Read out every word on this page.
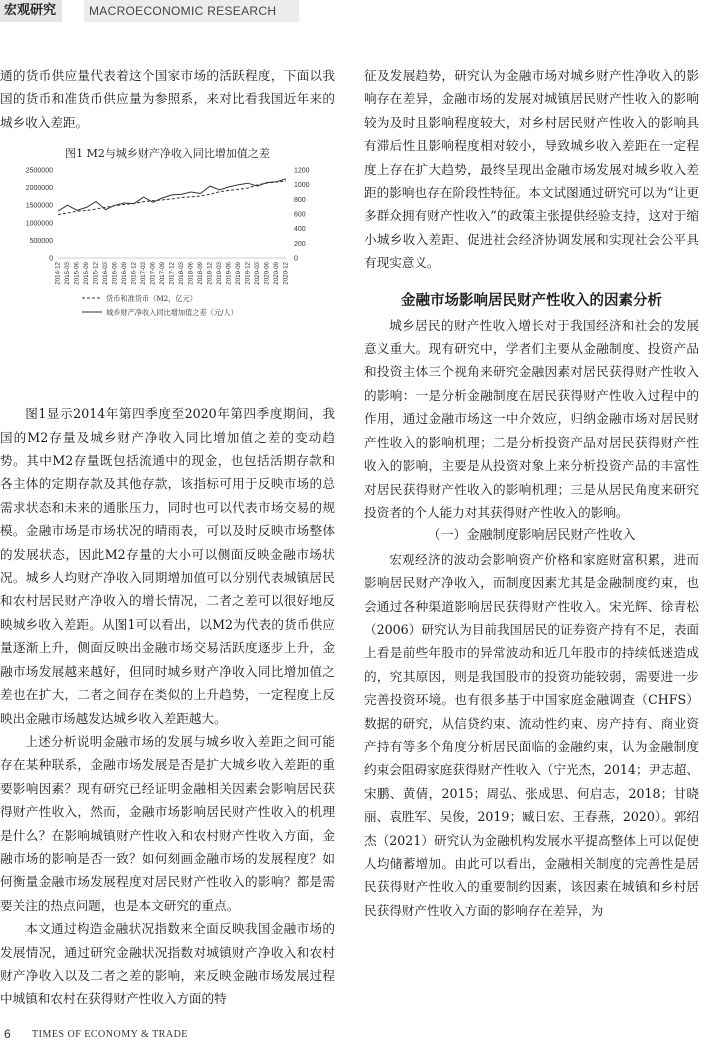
宏观研究	MACROECONOMIC RESEARCH

通的货币供应量代表着这个国家市场的活跃程度，下面以我国的货币和准货币供应量为参照系，来对比看我国近年来的城乡收入差距。

图1显示2014年第四季度至2020年第四季度期间，我国的M2存量及城乡财产净收入同比增加值之差的变动趋势。其中M2存量既包括流通中的现金，也包括活期存款和各主体的定期存款及其他存款，该指标可用于反映市场的总需求状态和未来的通胀压力，同时也可以代表市场交易的规模。金融市场是市场状况的晴雨表，可以及时反映市场整体的发展状态，因此M2存量的大小可以侧面反映金融市场状况。城乡人均财产净收入同期增加值可以分别代表城镇居民和农村居民财产净收入的增长情况，二者之差可以很好地反映城乡收入差距。从图1可以看出，以M2为代表的货币供应量逐渐上升，侧面反映出金融市场交易活跃度逐步上升，金融市场发展越来越好，但同时城乡财产净收入同比增加值之差也在扩大，二者之间存在类似的上升趋势，一定程度上反映出金融市场越发达城乡收入差距越大。

上述分析说明金融市场的发展与城乡收入差距之间可能存在某种联系，金融市场发展是否是扩大城乡收入差距的重要影响因素？现有研究已经证明金融相关因素会影响居民获得财产性收入，然而，金融市场影响居民财产性收入的机理是什么？在影响城镇财产性收入和农村财产性收入方面，金融市场的影响是否一致？如何刻画金融市场的发展程度？如何衡量金融市场发展程度对居民财产性收入的影响？都是需要关注的热点问题，也是本文研究的重点。

本文通过构造金融状况指数来全面反映我国金融市场的发展情况，通过研究金融状况指数对城镇财产净收入和农村财产净收入以及二者之差的影响，来反映金融市场发展过程中城镇和农村在获得财产性收入方面的特

图1 M2与城乡财产净收入同比增加值之差
0
500000
1000000
1500000
2000000
2500000
0
200
400
600
800
1000
1200
2014-12 2015-03 2015-06 2015-09 2015-12 2016-03 2016-06 2016-09 2016-12 2017-03 2017-06 2017-09 2017-12 2018-03 2018-06 2018-09 2018-12 2019-03 2019-06 2019-09 2019-12 2020-03 2020-06 2020-09 2020-12
货币和准货币（M2，亿元）
城乡财产净收入同比增加值之差（元/人）

征及发展趋势，研究认为金融市场对城乡财产性净收入的影响存在差异，金融市场的发展对城镇居民财产性收入的影响较为及时且影响程度较大，对乡村居民财产性收入的影响具有滞后性且影响程度相对较小，导致城乡收入差距在一定程度上存在扩大趋势，最终呈现出金融市场发展对城乡收入差距的影响也存在阶段性特征。本文试图通过研究可以为“让更多群众拥有财产性收入”的政策主张提供经验支持，这对于缩小城乡收入差距、促进社会经济协调发展和实现社会公平具有现实意义。

金融市场影响居民财产性收入的因素分析

城乡居民的财产性收入增长对于我国经济和社会的发展意义重大。现有研究中，学者们主要从金融制度、投资产品和投资主体三个视角来研究金融因素对居民获得财产性收入的影响：一是分析金融制度在居民获得财产性收入过程中的作用，通过金融市场这一中介效应，归纳金融市场对居民财产性收入的影响机理；二是分析投资产品对居民获得财产性收入的影响，主要是从投资对象上来分析投资产品的丰富性对居民获得财产性收入的影响机理；三是从居民角度来研究投资者的个人能力对其获得财产性收入的影响。

（一）金融制度影响居民财产性收入

宏观经济的波动会影响资产价格和家庭财富积累，进而影响居民财产净收入，而制度因素尤其是金融制度约束，也会通过各种渠道影响居民获得财产性收入。宋光辉、徐青松（2006）研究认为目前我国居民的证券资产持有不足，表面上看是前些年股市的异常波动和近几年股市的持续低迷造成的，究其原因，则是我国股市的投资功能较弱，需要进一步完善投资环境。也有很多基于中国家庭金融调查（CHFS）数据的研究，从信贷约束、流动性约束、房产持有、商业资产持有等多个角度分析居民面临的金融约束，认为金融制度约束会阻碍家庭获得财产性收入（宁光杰，2014；尹志超、宋鹏、黄倩，2015；周弘、张成思、何启志，2018；甘晓丽、袁胜军、吴俊，2019；臧日宏、王春燕，2020）。郭绍杰（2021）研究认为金融机构发展水平提高整体上可以促使人均储蓄增加。由此可以看出，金融相关制度的完善性是居民获得财产性收入的重要制约因素，该因素在城镇和乡村居民获得财产性收入方面的影响存在差异，为

6 TIMES OF ECONOMY & TRADE
